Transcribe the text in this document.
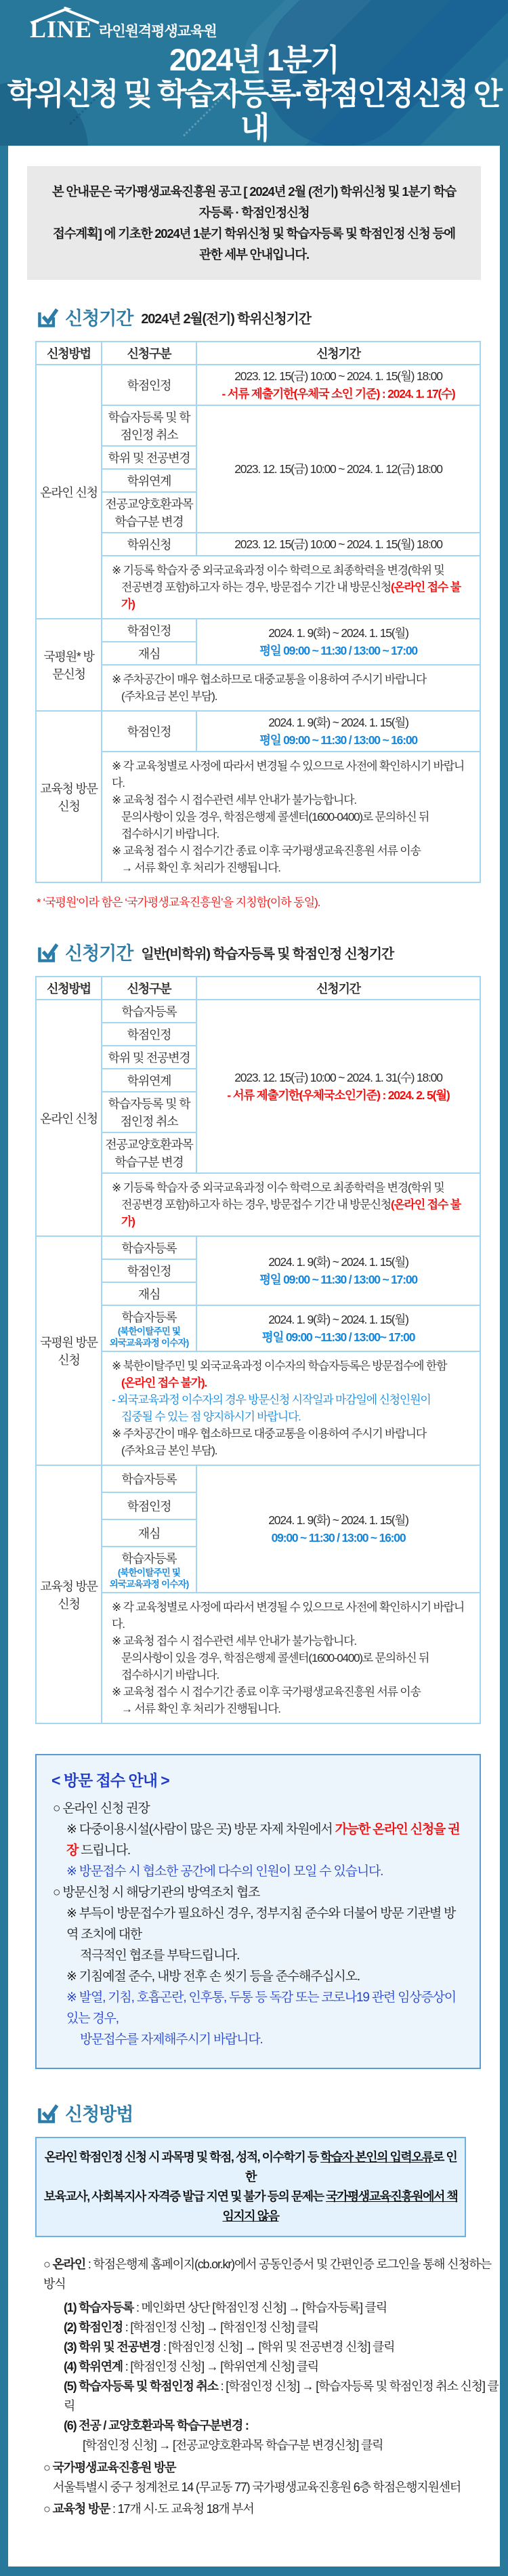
LINE 라인원격평생교육원
2024년 1분기
학위신청 및 학습자등록·학점인정신청 안내
본 안내문은 국가평생교육진흥원 공고 [ 2024년 2월 (전기) 학위신청 및 1분기 학습자등록 · 학점인정신청
접수계획] 에 기초한 2024년 1분기 학위신청 및 학습자등록 및 학점인정 신청 등에 관한 세부 안내입니다.
신청기간 2024년 2월(전기) 학위신청기간
신청방법	신청구분	신청기간
온라인 신청	학점인정	2023. 12. 15(금) 10:00 ~ 2024. 1. 15(월) 18:00
- 서류 제출기한(우체국 소인 기준) : 2024. 1. 17(수)

	학습자등록 및 학점인정 취소	2023. 12. 15(금) 10:00 ~ 2024. 1. 12(금) 18:00
	학위 및 전공변경	
	학위연계	
	전공교양호환과목 학습구분 변경	
	학위신청	2023. 12. 15(금) 10:00 ~ 2024. 1. 15(월) 18:00

	※ 기등록 학습자 중 외국교육과정 이수 학력으로 최종학력을 변경(학위 및
전공변경 포함)하고자 하는 경우, 방문접수 기간 내 방문신청(온라인 접수 불가)	

국평원* 방문신청	학점인정	2024. 1. 9(화) ~ 2024. 1. 15(월)
평일 09:00 ~ 11:30 / 13:00 ~ 17:00

	재심	

	※ 주차공간이 매우 협소하므로 대중교통을 이용하여 주시기 바랍니다
(주차요금 본인 부담).	

교육청 방문신청	학점인정	2024. 1. 9(화) ~ 2024. 1. 15(월)
평일 09:00 ~ 11:30 / 13:00 ~ 16:00

※ 각 교육청별로 사정에 따라서 변경될 수 있으므로 사전에 확인하시기 바랍니다.
※ 교육청 접수 시 접수관련 세부 안내가 불가능합니다.
문의사항이 있을 경우, 학점은행제 콜센터(1600-0400)로 문의하신 뒤
접수하시기 바랍니다.
※ 교육청 접수 시 접수기간 종료 이후 국가평생교육진흥원 서류 이송
→ 서류 확인 후 처리가 진행됩니다.
* ‘국평원’이라 함은 ‘국가평생교육진흥원’을 지칭함(이하 동일).
신청기간 일반(비학위) 학습자등록 및 학점인정 신청기간
신청방법	신청구분	신청기간
온라인 신청	학습자등록	2023. 12. 15(금) 10:00 ~ 2024. 1. 31(수) 18:00
- 서류 제출기한(우체국소인기준) : 2024. 2. 5(월)

	학점인정	
	학위 및 전공변경	
	학위연계	
	학습자등록 및 학점인정 취소	
	전공교양호환과목 학습구분 변경	

	※ 기등록 학습자 중 외국교육과정 이수 학력으로 최종학력을 변경(학위 및
전공변경 포함)하고자 하는 경우, 방문접수 기간 내 방문신청(온라인 접수 불가)	

국평원 방문신청	학습자등록	2024. 1. 9(화) ~ 2024. 1. 15(월)
평일 09:00 ~ 11:30 / 13:00 ~ 17:00

	학점인정	
	재심	
	학습자등록
(북한이탈주민 및
외국교육과정 이수자)	2024. 1. 9(화) ~ 2024. 1. 15(월)
평일 09:00 ~11:30 / 13:00~ 17:00

※ 북한이탈주민 및 외국교육과정 이수자의 학습자등록은 방문접수에 한함
(온라인 접수 불가).
- 외국교육과정 이수자의 경우 방문신청 시작일과 마감일에 신청인원이
집중될 수 있는 점 양지하시기 바랍니다.
※ 주차공간이 매우 협소하므로 대중교통을 이용하여 주시기 바랍니다
(주차요금 본인 부담).

교육청 방문신청	학습자등록	2024. 1. 9(화) ~ 2024. 1. 15(월)
09:00 ~ 11:30 / 13:00 ~ 16:00

	학점인정	
	재심	
	학습자등록
(북한이탈주민 및
외국교육과정 이수자)	

※ 각 교육청별로 사정에 따라서 변경될 수 있으므로 사전에 확인하시기 바랍니다.
※ 교육청 접수 시 접수관련 세부 안내가 불가능합니다.
문의사항이 있을 경우, 학점은행제 콜센터(1600-0400)로 문의하신 뒤
접수하시기 바랍니다.
※ 교육청 접수 시 접수기간 종료 이후 국가평생교육진흥원 서류 이송
→ 서류 확인 후 처리가 진행됩니다.
< 방문 접수 안내 >
○ 온라인 신청 권장
※ 다중이용시설(사람이 많은 곳) 방문 자제 차원에서 가능한 온라인 신청을 권장 드립니다.
※ 방문접수 시 협소한 공간에 다수의 인원이 모일 수 있습니다.
○ 방문신청 시 해당기관의 방역조치 협조
※ 부득이 방문접수가 필요하신 경우, 정부지침 준수와 더불어 방문 기관별 방역 조치에 대한
적극적인 협조를 부탁드립니다.
※ 기침예절 준수, 내방 전후 손 씻기 등을 준수해주십시오.
※ 발열, 기침, 호흡곤란, 인후통, 두통 등 독감 또는 코로나19 관련 임상증상이 있는 경우,
방문접수를 자제해주시기 바랍니다.
신청방법
온라인 학점인정 신청 시 과목명 및 학점, 성적, 이수학기 등 학습자 본인의 입력오류로 인한
보육교사, 사회복지사 자격증 발급 지연 및 불가 등의 문제는 국가평생교육진흥원에서 책임지지 않음
○ 온라인 : 학점은행제 홈페이지(cb.or.kr)에서 공동인증서 및 간편인증 로그인을 통해 신청하는 방식
(1) 학습자등록 : 메인화면 상단 [학점인정 신청] → [학습자등록] 클릭
(2) 학점인정 : [학점인정 신청] → [학점인정 신청] 클릭
(3) 학위 및 전공변경 : [학점인정 신청] → [학위 및 전공변경 신청] 클릭
(4) 학위연계 : [학점인정 신청] → [학위연계 신청] 클릭
(5) 학습자등록 및 학점인정 취소 : [학점인정 신청] → [학습자등록 및 학점인정 취소 신청] 클릭
(6) 전공 / 교양호환과목 학습구분변경 :
[학점인정 신청] → [전공교양호환과목 학습구분 변경신청] 클릭
○ 국가평생교육진흥원 방문
서울특별시 중구 청계천로 14 (무교동 77) 국가평생교육진흥원 6층 학점은행지원센터
○ 교육청 방문 : 17개 시·도 교육청 18개 부서
